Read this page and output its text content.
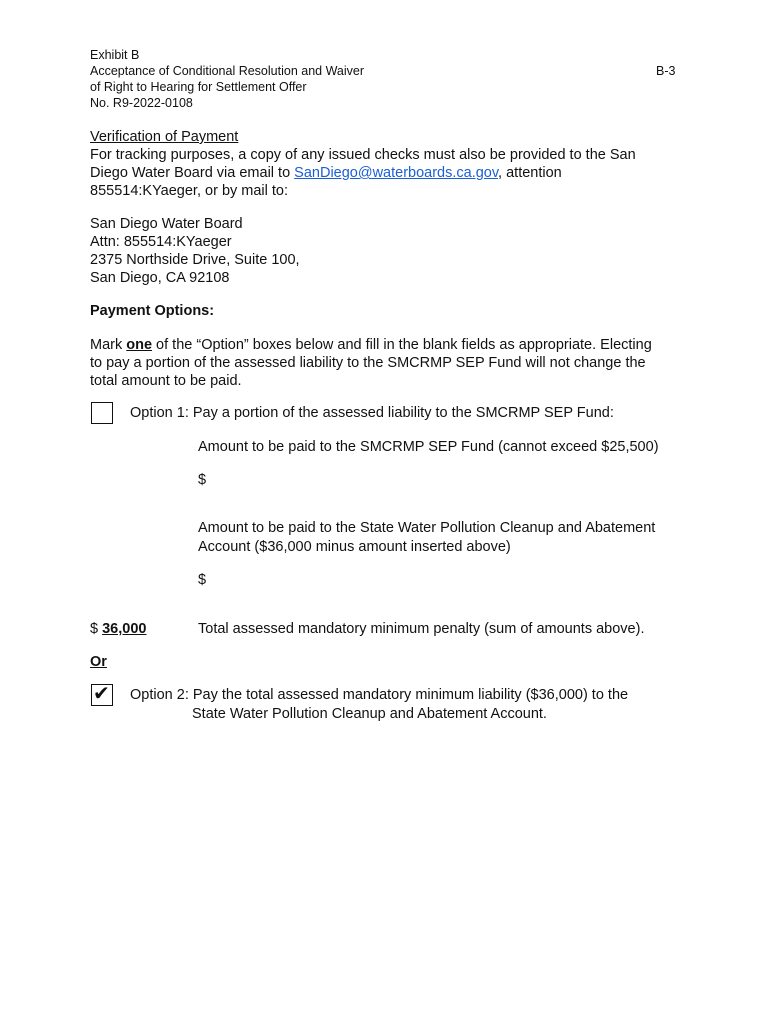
Exhibit B
Acceptance of Conditional Resolution and Waiver	B-3
of Right to Hearing for Settlement Offer
No. R9-2022-0108
Verification of Payment
For tracking purposes, a copy of any issued checks must also be provided to the San
Diego Water Board via email to SanDiego@waterboards.ca.gov, attention
855514:KYaeger, or by mail to:
San Diego Water Board
Attn: 855514:KYaeger
2375 Northside Drive, Suite 100,
San Diego, CA 92108
Payment Options:
Mark one of the “Option” boxes below and fill in the blank fields as appropriate. Electing
to pay a portion of the assessed liability to the SMCRMP SEP Fund will not change the
total amount to be paid.
Option 1: Pay a portion of the assessed liability to the SMCRMP SEP Fund:
Amount to be paid to the SMCRMP SEP Fund (cannot exceed $25,500)
$
Amount to be paid to the State Water Pollution Cleanup and Abatement
Account ($36,000 minus amount inserted above)
$
$ 36,000	Total assessed mandatory minimum penalty (sum of amounts above).
Or
✔ Option 2: Pay the total assessed mandatory minimum liability ($36,000) to the
State Water Pollution Cleanup and Abatement Account.
